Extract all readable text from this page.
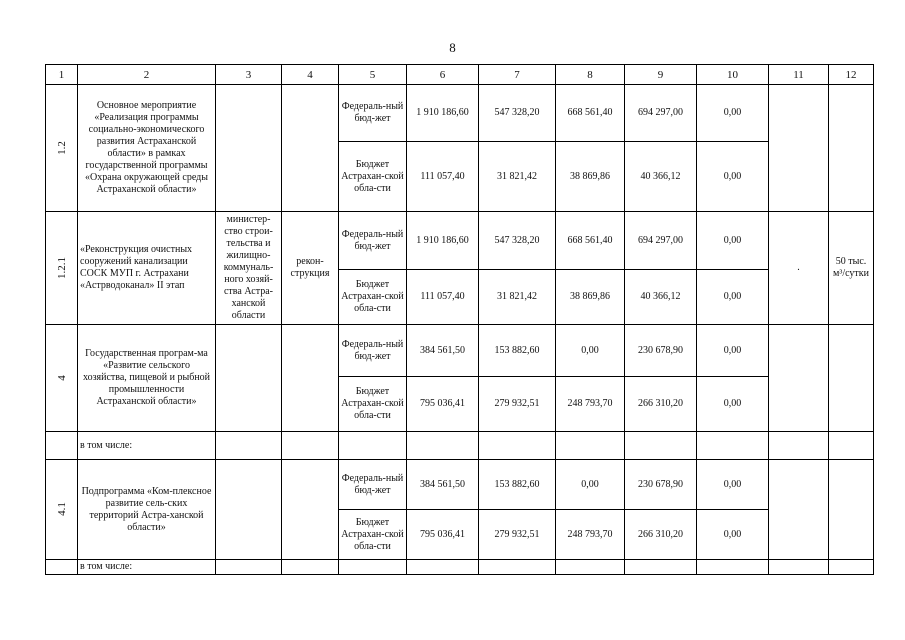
8
1	2	3	4	5	6	7	8	9	10	11	12
1.2	Основное мероприятие «Реализация программы социально-экономического развития Астраханской области» в рамках государственной программы «Охрана окружающей среды Астраханской области»			Федераль-ный бюд-жет	1 910 186,60	547 328,20	668 561,40	694 297,00	0,00		
				Бюджет Астрахан-ской обла-сти	111 057,40	31 821,42	38 869,86	40 366,12	0,00		
1.2.1	«Реконструкция очистных сооружений канализации СОСК МУП г. Астрахани «Астрводоканал» II этап	министер-ство строи-тельства и жилищно-коммуналь-ного хозяй-ства Астра-ханской области	рекон-струкция	Федераль-ный бюд-жет	1 910 186,60	547 328,20	668 561,40	694 297,00	0,00	.	50 тыс. м³/сутки
				Бюджет Астрахан-ской обла-сти	111 057,40	31 821,42	38 869,86	40 366,12	0,00		
4	Государственная програм-ма «Развитие сельского хозяйства, пищевой и рыбной промышленности Астраханской области»			Федераль-ный бюд-жет	384 561,50	153 882,60	0,00	230 678,90	0,00		
				Бюджет Астрахан-ской обла-сти	795 036,41	279 932,51	248 793,70	266 310,20	0,00		
	в том числе:										
4.1	Подпрограмма «Ком-плексное развитие сель-ских территорий Астра-ханской области»			Федераль-ный бюд-жет	384 561,50	153 882,60	0,00	230 678,90	0,00		
				Бюджет Астрахан-ской обла-сти	795 036,41	279 932,51	248 793,70	266 310,20	0,00		
	в том числе:										
